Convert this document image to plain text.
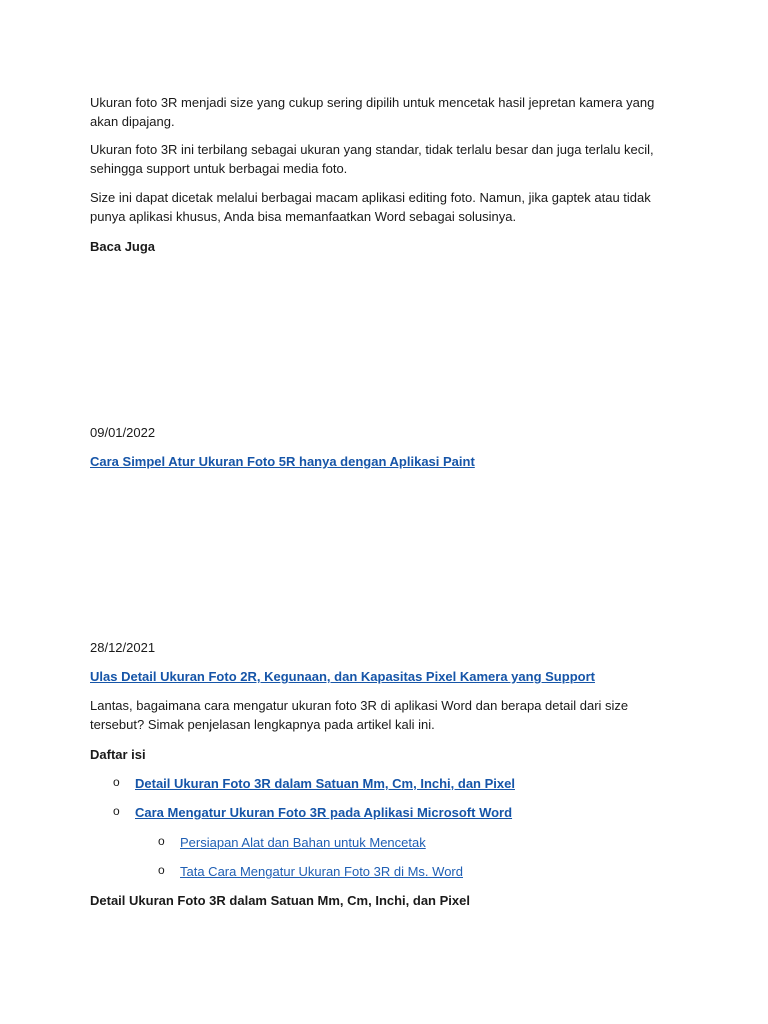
Ukuran foto 3R menjadi size yang cukup sering dipilih untuk mencetak hasil jepretan kamera yang akan dipajang.

Ukuran foto 3R ini terbilang sebagai ukuran yang standar, tidak terlalu besar dan juga terlalu kecil, sehingga support untuk berbagai media foto.

Size ini dapat dicetak melalui berbagai macam aplikasi editing foto. Namun, jika gaptek atau tidak punya aplikasi khusus, Anda bisa memanfaatkan Word sebagai solusinya.

Baca Juga

09/01/2022

Cara Simpel Atur Ukuran Foto 5R hanya dengan Aplikasi Paint

28/12/2021

Ulas Detail Ukuran Foto 2R, Kegunaan, dan Kapasitas Pixel Kamera yang Support

Lantas, bagaimana cara mengatur ukuran foto 3R di aplikasi Word dan berapa detail dari size tersebut? Simak penjelasan lengkapnya pada artikel kali ini.

Daftar isi

o Detail Ukuran Foto 3R dalam Satuan Mm, Cm, Inchi, dan Pixel
o Cara Mengatur Ukuran Foto 3R pada Aplikasi Microsoft Word
o Persiapan Alat dan Bahan untuk Mencetak
o Tata Cara Mengatur Ukuran Foto 3R di Ms. Word

Detail Ukuran Foto 3R dalam Satuan Mm, Cm, Inchi, dan Pixel
